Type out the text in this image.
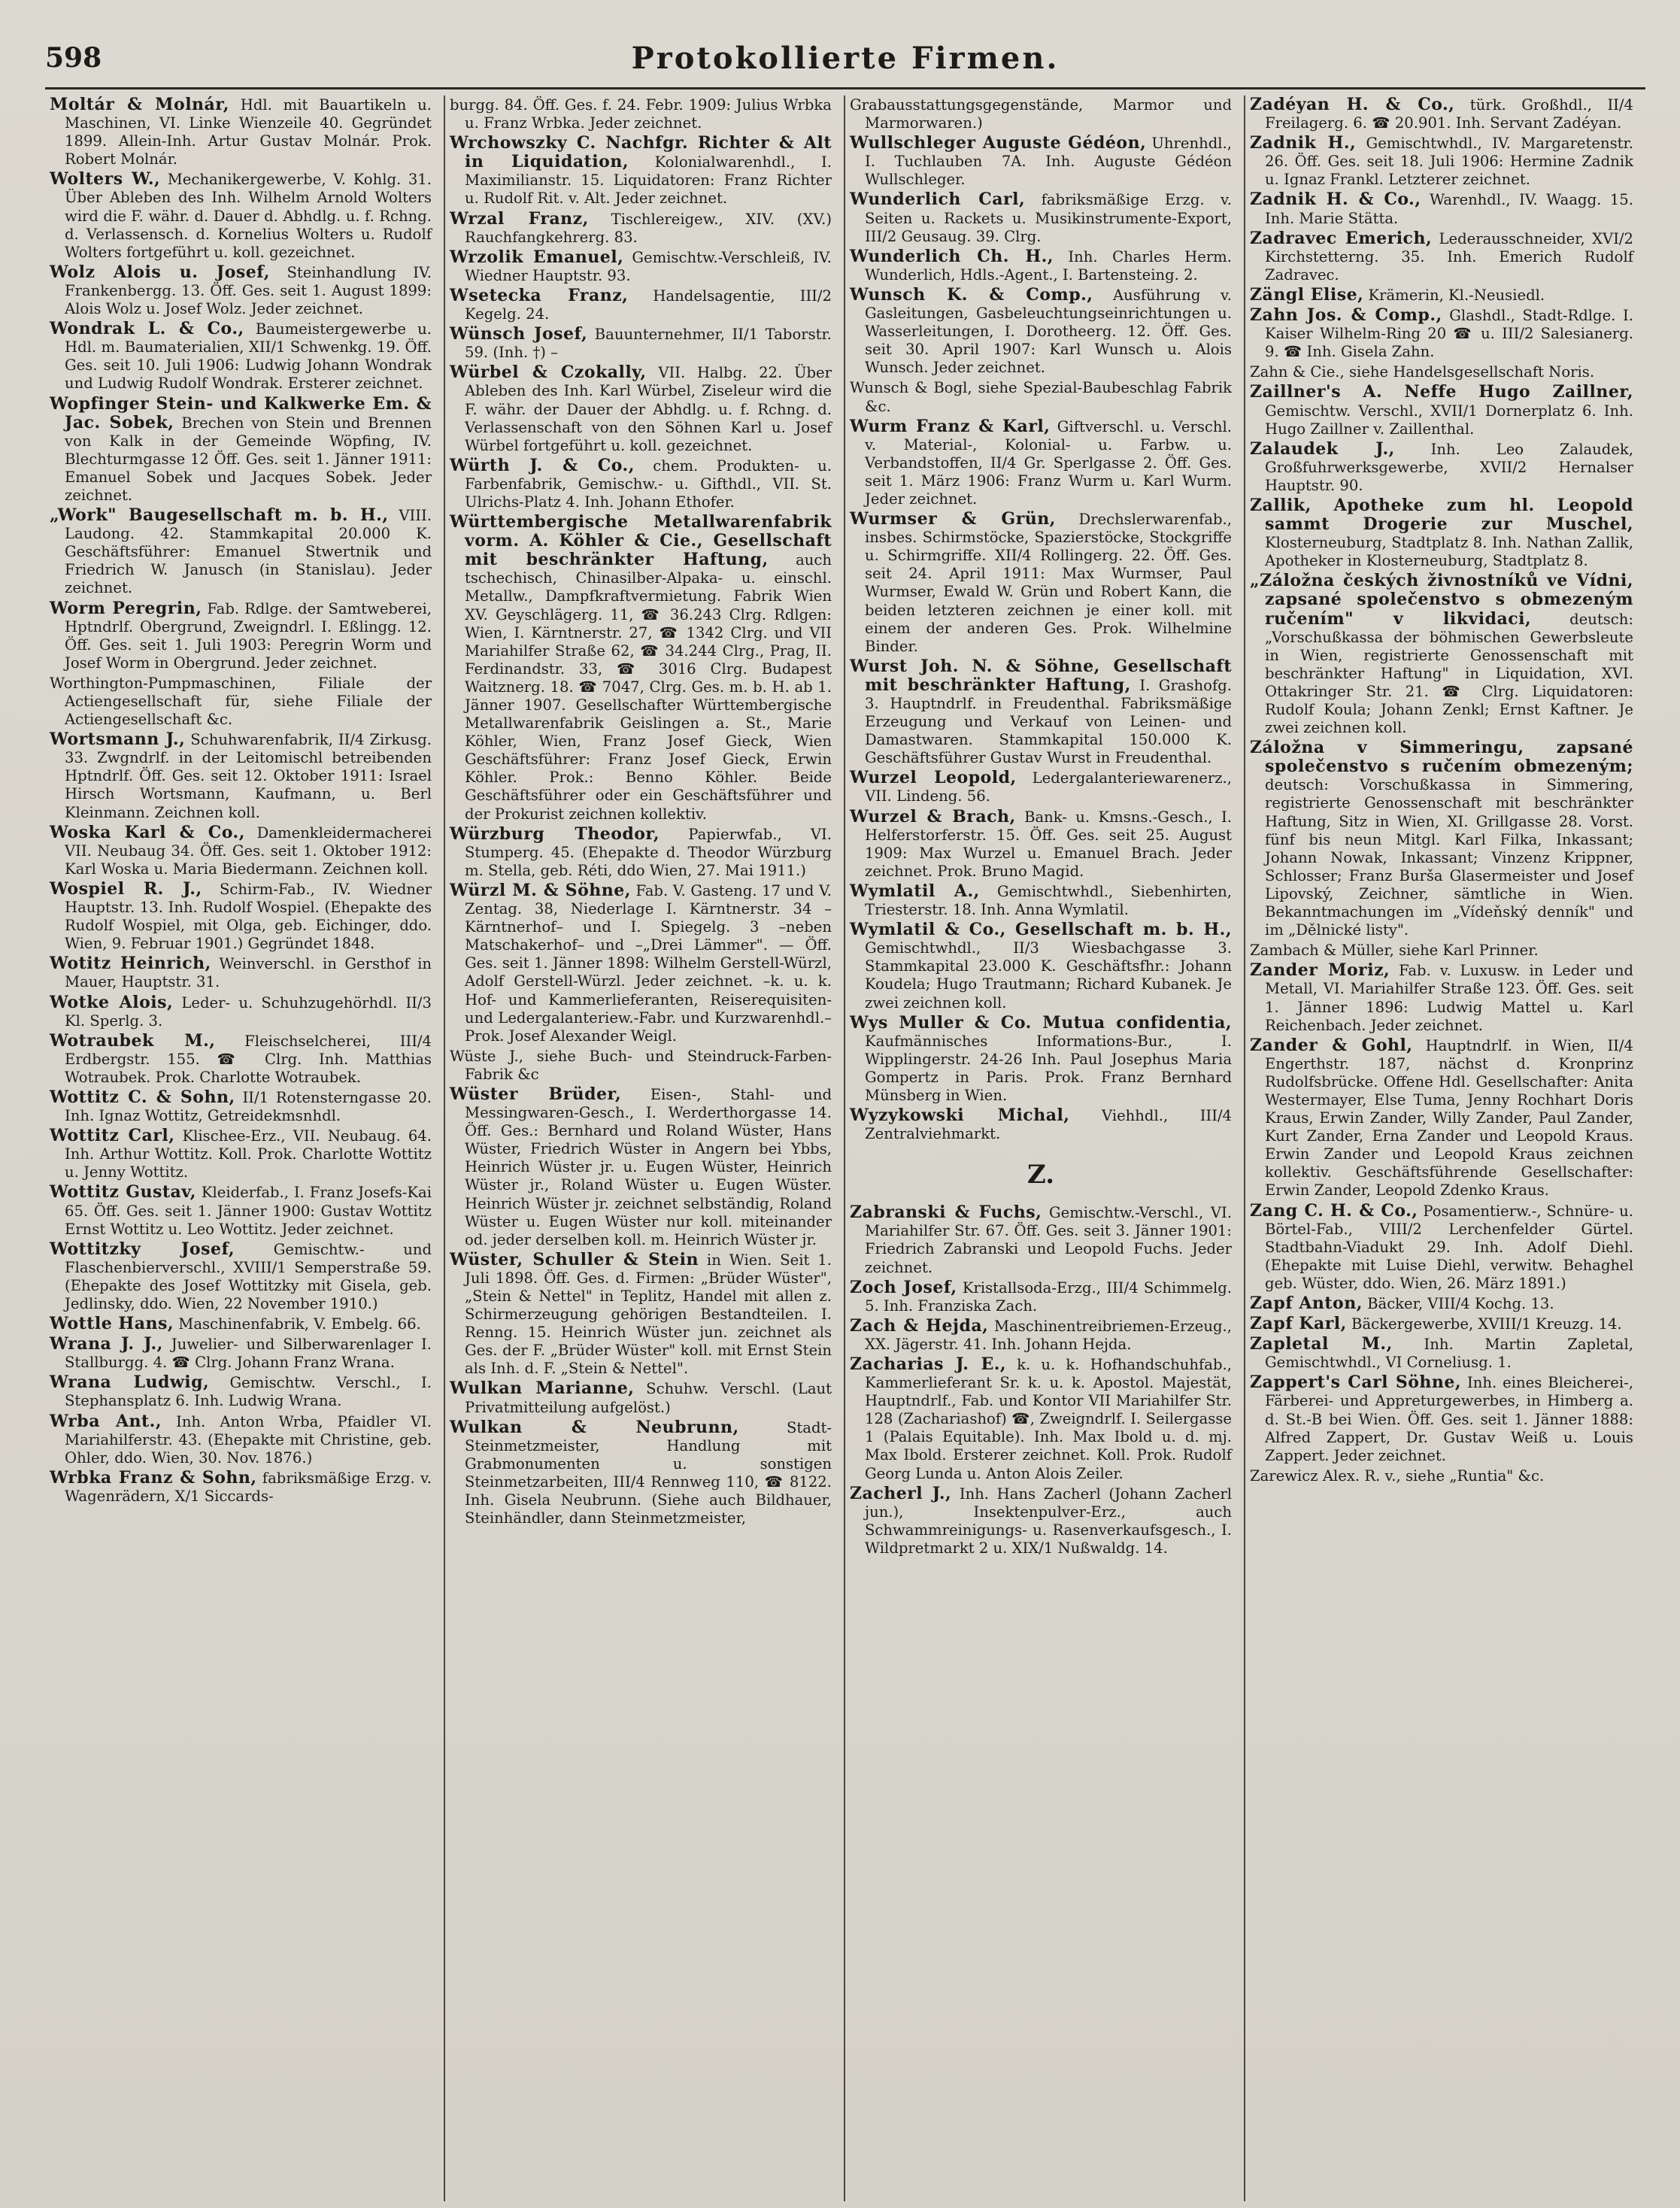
598	Protokollierte Firmen.

Moltár & Molnár, Hdl. mit Bauartikeln u. Maschinen, VI. Linke Wienzeile 40. Gegründet 1899. Allein-Inh. Artur Gustav Molnár. Prok. Robert Molnár.

Wolters W., Mechanikergewerbe, V. Kohlg. 31. Über Ableben des Inh. Wilhelm Arnold Wolters wird die F. währ. d. Dauer d. Abhdlg. u. f. Rchng. d. Verlassensch. d. Kornelius Wolters u. Rudolf Wolters fortgeführt u. koll. gezeichnet.

Wolz Alois u. Josef, Steinhandlung IV. Frankenbergg. 13. Öff. Ges. seit 1. August 1899: Alois Wolz u. Josef Wolz. Jeder zeichnet.

Wondrak L. & Co., Baumeistergewerbe u. Hdl. m. Baumaterialien, XII/1 Schwenkg. 19. Öff. Ges. seit 10. Juli 1906: Ludwig Johann Wondrak und Ludwig Rudolf Wondrak. Ersterer zeichnet.

Wopfinger Stein- und Kalkwerke Em. & Jac. Sobek, Brechen von Stein und Brennen von Kalk in der Gemeinde Wöpfing, IV. Blechturmgasse 12 Öff. Ges. seit 1. Jänner 1911: Emanuel Sobek und Jacques Sobek. Jeder zeichnet.

„Work" Baugesellschaft m. b. H., VIII. Laudong. 42. Stammkapital 20.000 K. Geschäftsführer: Emanuel Stwertnik und Friedrich W. Janusch (in Stanislau). Jeder zeichnet.

Worm Peregrin, Fab. Rdlge. der Samtweberei, Hptndrlf. Obergrund, Zweigndrl. I. Eßlingg. 12. Öff. Ges. seit 1. Juli 1903: Peregrin Worm und Josef Worm in Obergrund. Jeder zeichnet.

Worthington-Pumpmaschinen, Filiale der Actiengesellschaft für, siehe Filiale der Actiengesellschaft &c.

Wortsmann J., Schuhwarenfabrik, II/4 Zirkusg. 33. Zwgndrlf. in der Leitomischl betreibenden Hptndrlf. Öff. Ges. seit 12. Oktober 1911: Israel Hirsch Wortsmann, Kaufmann, u. Berl Kleinmann. Zeichnen koll.

Woska Karl & Co., Damenkleidermacherei VII. Neubaug 34. Öff. Ges. seit 1. Oktober 1912: Karl Woska u. Maria Biedermann. Zeichnen koll.

Wospiel R. J., Schirm-Fab., IV. Wiedner Hauptstr. 13. Inh. Rudolf Wospiel. (Ehepakte des Rudolf Wospiel, mit Olga, geb. Eichinger, ddo. Wien, 9. Februar 1901.) Gegründet 1848.

Wotitz Heinrich, Weinverschl. in Gersthof in Mauer, Hauptstr. 31.

Wotke Alois, Leder- u. Schuhzugehörhdl. II/3 Kl. Sperlg. 3.

Wotraubek M., Fleischselcherei, III/4 Erdbergstr. 155. ☎ Clrg. Inh. Matthias Wotraubek. Prok. Charlotte Wotraubek.

Wottitz C. & Sohn, II/1 Rotensterngasse 20. Inh. Ignaz Wottitz, Getreidekmsnhdl.

Wottitz Carl, Klischee-Erz., VII. Neubaug. 64. Inh. Arthur Wottitz. Koll. Prok. Charlotte Wottitz u. Jenny Wottitz.

Wottitz Gustav, Kleiderfab., I. Franz Josefs-Kai 65. Öff. Ges. seit 1. Jänner 1900: Gustav Wottitz Ernst Wottitz u. Leo Wottitz. Jeder zeichnet.

Wottitzky Josef,	Gemischtw.- und Flaschenbierverschl., XVIII/1 Semperstraße 59. (Ehepakte des Josef Wottitzky mit Gisela, geb. Jedlinsky, ddo. Wien, 22 November 1910.)

Wottle Hans, Maschinenfabrik, V. Embelg. 66.

Wrana J. J., Juwelier- und Silberwarenlager I. Stallburgg. 4. ☎ Clrg. Johann Franz Wrana.

Wrana Ludwig, Gemischtw. Verschl., I. Stephansplatz 6. Inh. Ludwig Wrana.

Wrba Ant., Inh. Anton Wrba, Pfaidler VI. Mariahilferstr. 43. (Ehepakte mit Christine, geb. Ohler, ddo. Wien, 30. Nov. 1876.)

Wrbka Franz & Sohn, fabriksmäßige Erzg. v. Wagenrädern, X/1 Siccards-

burgg. 84. Öff. Ges. f. 24. Febr. 1909: Julius Wrbka u. Franz Wrbka. Jeder zeichnet.

Wrchowszky C. Nachfgr. Richter & Alt in Liquidation, Kolonialwarenhdl., I. Maximilianstr. 15. Liquidatoren: Franz Richter u. Rudolf Rit. v. Alt. Jeder zeichnet.

Wrzal Franz, Tischlereigew., XIV. (XV.) Rauchfangkehrerg. 83.

Wrzolik Emanuel, Gemischtw.-Verschleiß, IV. Wiedner Hauptstr. 93.

Wsetecka Franz, Handelsagentie, III/2 Kegelg. 24.

Wünsch Josef, Bauunternehmer, II/1 Taborstr. 59. (Inh. †) –

Würbel & Czokally, VII. Halbg. 22. Über Ableben des Inh. Karl Würbel, Ziseleur wird die F. währ. der Dauer der Abhdlg. u. f. Rchng. d. Verlassenschaft von den Söhnen Karl u. Josef Würbel fortgeführt u. koll. gezeichnet.

Würth J. & Co., chem. Produkten- u. Farbenfabrik, Gemischw.- u. Gifthdl., VII. St. Ulrichs-Platz 4. Inh. Johann Ethofer.

Württembergische Metallwarenfabrik vorm. A. Köhler & Cie., Gesellschaft mit beschränkter Haftung, auch tschechisch, Chinasilber-Alpaka- u. einschl. Metallw., Dampfkraftvermietung. Fabrik Wien XV. Geyschlägerg. 11, ☎ 36.243 Clrg. Rdlgen: Wien, I. Kärntnerstr. 27, ☎ 1342 Clrg. und VII Mariahilfer Straße 62, ☎ 34.244 Clrg., Prag, II. Ferdinandstr. 33, ☎ 3016 Clrg. Budapest Waitznerg. 18. ☎ 7047, Clrg. Ges. m. b. H. ab 1. Jänner 1907. Gesellschafter Württembergische Metallwarenfabrik Geislingen a. St., Marie Köhler, Wien, Franz Josef Gieck, Wien Geschäftsführer: Franz Josef Gieck, Erwin Köhler. Prok.: Benno Köhler. Beide Geschäftsführer oder ein Geschäftsführer und der Prokurist zeichnen kollektiv.

Würzburg Theodor, Papierwfab., VI. Stumperg. 45. (Ehepakte d. Theodor Würzburg m. Stella, geb. Réti, ddo Wien, 27. Mai 1911.)

Würzl M. & Söhne, Fab. V. Gasteng. 17 und V. Zentag. 38, Niederlage I. Kärntnerstr. 34 –Kärntnerhof– und I. Spiegelg. 3 –neben Matschakerhof– und –„Drei Lämmer". — Öff. Ges. seit 1. Jänner 1898: Wilhelm Gerstell-Würzl, Adolf Gerstell-Würzl. Jeder zeichnet. –k. u. k. Hof- und Kammerlieferanten, Reiserequisiten- und Ledergalanteriew.-Fabr. und Kurzwarenhdl.– Prok. Josef Alexander Weigl.

Wüste J., siehe Buch- und Steindruck-Farben-Fabrik &c

Wüster Brüder, Eisen-, Stahl- und Messingwaren-Gesch., I. Werderthorgasse 14. Öff. Ges.: Bernhard und Roland Wüster, Hans Wüster, Friedrich Wüster in Angern bei Ybbs, Heinrich Wüster jr. u. Eugen Wüster, Heinrich Wüster jr., Roland Wüster u. Eugen Wüster. Heinrich Wüster jr. zeichnet selbständig, Roland Wüster u. Eugen Wüster nur koll. miteinander od. jeder derselben koll. m. Heinrich Wüster jr.

Wüster, Schuller & Stein in Wien. Seit 1. Juli 1898. Öff. Ges. d. Firmen: „Brüder Wüster", „Stein & Nettel" in Teplitz, Handel mit allen z. Schirmerzeugung gehörigen Bestandteilen. I. Renng. 15. Heinrich Wüster jun. zeichnet als Ges. der F. „Brüder Wüster" koll. mit Ernst Stein als Inh. d. F. „Stein & Nettel".

Wulkan Marianne, Schuhw. Verschl. (Laut Privatmitteilung aufgelöst.)

Wulkan & Neubrunn,	Stadt-Steinmetzmeister, Handlung mit Grabmonumenten u. sonstigen Steinmetzarbeiten, III/4 Rennweg 110, ☎ 8122. Inh. Gisela Neubrunn. (Siehe auch Bildhauer, Steinhändler, dann Steinmetzmeister,

Grabausstattungsgegenstände, Marmor und Marmorwaren.)

Wullschleger Auguste Gédéon, Uhrenhdl., I. Tuchlauben 7A. Inh. Auguste Gédéon Wullschleger.

Wunderlich Carl, fabriksmäßige Erzg. v. Seiten u. Rackets u. Musikinstrumente-Export, III/2 Geusaug. 39. Clrg.

Wunderlich Ch. H., Inh. Charles Herm. Wunderlich, Hdls.-Agent., I. Bartensteing. 2.

Wunsch K. & Comp., Ausführung v. Gasleitungen, Gasbeleuchtungseinrichtungen u. Wasserleitungen, I. Dorotheerg. 12. Öff. Ges. seit 30. April 1907: Karl Wunsch u. Alois Wunsch. Jeder zeichnet.

Wunsch & Bogl, siehe Spezial-Baubeschlag Fabrik &c.

Wurm Franz & Karl, Giftverschl. u. Verschl. v. Material-, Kolonial- u. Farbw. u. Verbandstoffen, II/4 Gr. Sperlgasse 2. Öff. Ges. seit 1. März 1906: Franz Wurm u. Karl Wurm. Jeder zeichnet.

Wurmser & Grün, Drechslerwarenfab., insbes. Schirmstöcke, Spazierstöcke, Stockgriffe u. Schirmgriffe. XII/4 Rollingerg. 22. Öff. Ges. seit 24. April 1911: Max Wurmser, Paul Wurmser, Ewald W. Grün und Robert Kann, die beiden letzteren zeichnen je einer koll. mit einem der anderen Ges. Prok. Wilhelmine Binder.

Wurst Joh. N. & Söhne, Gesellschaft mit beschränkter Haftung, I. Grashofg. 3. Hauptndrlf. in Freudenthal. Fabriksmäßige Erzeugung und Verkauf von Leinen- und Damastwaren. Stammkapital 150.000 K. Geschäftsführer Gustav Wurst in Freudenthal.

Wurzel Leopold, Ledergalanteriewarenerz., VII. Lindeng. 56.

Wurzel & Brach, Bank- u. Kmsns.-Gesch., I. Helferstorferstr. 15. Öff. Ges. seit 25. August 1909: Max Wurzel u. Emanuel Brach. Jeder zeichnet. Prok. Bruno Magid.

Wymlatil A., Gemischtwhdl., Siebenhirten, Triesterstr. 18. Inh. Anna Wymlatil.

Wymlatil & Co., Gesellschaft m. b. H., Gemischtwhdl., II/3 Wiesbachgasse 3. Stammkapital 23.000 K. Geschäftsfhr.: Johann Koudela; Hugo Trautmann; Richard Kubanek. Je zwei zeichnen koll.

Wys Muller & Co. Mutua confidentia, Kaufmännisches Informations-Bur., I. Wipplingerstr. 24-26 Inh. Paul Josephus Maria Gompertz in Paris. Prok. Franz Bernhard Münsberg in Wien.

Wyzykowski Michal, Viehhdl., III/4 Zentralviehmarkt.

Z.

Zabranski & Fuchs, Gemischtw.-Verschl., VI. Mariahilfer Str. 67. Öff. Ges. seit 3. Jänner 1901: Friedrich Zabranski und Leopold Fuchs. Jeder zeichnet.

Zoch Josef, Kristallsoda-Erzg., III/4 Schimmelg. 5. Inh. Franziska Zach.

Zach & Hejda, Maschinentreibriemen-Erzeug., XX. Jägerstr. 41. Inh. Johann Hejda.

Zacharias J. E., k. u. k. Hofhandschuhfab., Kammerlieferant Sr. k. u. k. Apostol. Majestät, Hauptndrlf., Fab. und Kontor VII Mariahilfer Str. 128 (Zachariashof) ☎, Zweigndrlf. I. Seilergasse 1 (Palais Equitable). Inh. Max Ibold u. d. mj. Max Ibold. Ersterer zeichnet. Koll. Prok. Rudolf Georg Lunda u. Anton Alois Zeiler.

Zacherl J., Inh. Hans Zacherl (Johann Zacherl jun.), Insektenpulver-Erz., auch Schwammreinigungs- u. Rasenverkaufsgesch., I. Wildpretmarkt 2 u. XIX/1 Nußwaldg. 14.

Zadéyan H. & Co., türk. Großhdl., II/4 Freilagerg. 6. ☎ 20.901. Inh. Servant Zadéyan.

Zadnik H., Gemischtwhdl., IV. Margaretenstr. 26. Öff. Ges. seit 18. Juli 1906: Hermine Zadnik u. Ignaz Frankl. Letzterer zeichnet.

Zadnik H. & Co., Warenhdl., IV. Waagg. 15. Inh. Marie Stätta.

Zadravec Emerich, Lederausschneider, XVI/2 Kirchstetterng. 35. Inh. Emerich Rudolf Zadravec.

Zängl Elise, Krämerin, Kl.-Neusiedl.

Zahn Jos. & Comp., Glashdl., Stadt-Rdlge. I. Kaiser Wilhelm-Ring 20 ☎ u. III/2 Salesianerg. 9. ☎ Inh. Gisela Zahn.

Zahn & Cie., siehe Handelsgesellschaft Noris.

Zaillner's A. Neffe Hugo Zaillner, Gemischtw. Verschl., XVII/1 Dornerplatz 6. Inh. Hugo Zaillner v. Zaillenthal.

Zalaudek J., Inh. Leo Zalaudek, Großfuhrwerksgewerbe, XVII/2 Hernalser Hauptstr. 90.

Zallik, Apotheke zum hl. Leopold sammt Drogerie zur Muschel, Klosterneuburg, Stadtplatz 8. Inh. Nathan Zallik, Apotheker in Klosterneuburg, Stadtplatz 8.

„Záložna českých živnostníků ve Vídni, zapsané společenstvo s obmezeným ručením" v likvidaci,	deutsch: „Vorschußkassa der böhmischen Gewerbsleute in Wien, registrierte Genossenschaft mit beschränkter Haftung" in Liquidation, XVI. Ottakringer Str. 21. ☎ Clrg. Liquidatoren: Rudolf Koula; Johann Zenkl; Ernst Kaftner. Je zwei zeichnen koll.

Záložna v Simmeringu, zapsané společenstvo s ručením obmezeným; deutsch: Vorschußkassa in Simmering, registrierte Genossenschaft mit beschränkter Haftung, Sitz in Wien, XI. Grillgasse 28. Vorst. fünf bis neun Mitgl. Karl Filka, Inkassant; Johann Nowak, Inkassant; Vinzenz Krippner, Schlosser; Franz Burša Glasermeister und Josef Lipovský, Zeichner, sämtliche in Wien. Bekanntmachungen im „Vídeňský denník" und im „Dělnické listy".

Zambach & Müller, siehe Karl Prinner.

Zander Moriz, Fab. v. Luxusw. in Leder und Metall, VI. Mariahilfer Straße 123. Öff. Ges. seit 1. Jänner 1896: Ludwig Mattel u. Karl Reichenbach. Jeder zeichnet.

Zander & Gohl, Hauptndrlf. in Wien, II/4 Engerthstr. 187, nächst d. Kronprinz Rudolfsbrücke. Offene Hdl. Gesellschafter: Anita Westermayer, Else Tuma, Jenny Rochhart Doris Kraus, Erwin Zander, Willy Zander, Paul Zander, Kurt Zander, Erna Zander und Leopold Kraus. Erwin Zander und Leopold Kraus zeichnen kollektiv. Geschäftsführende Gesellschafter: Erwin Zander, Leopold Zdenko Kraus.

Zang C. H. & Co., Posamentierw.-, Schnüre- u. Börtel-Fab., VIII/2 Lerchenfelder Gürtel. Stadtbahn-Viadukt 29. Inh. Adolf Diehl. (Ehepakte mit Luise Diehl, verwitw. Behaghel geb. Wüster, ddo. Wien, 26. März 1891.)

Zapf Anton, Bäcker, VIII/4 Kochg. 13.

Zapf Karl, Bäckergewerbe, XVIII/1 Kreuzg. 14.

Zapletal M., Inh. Martin Zapletal, Gemischtwhdl., VI Corneliusg. 1.

Zappert's Carl Söhne, Inh. eines Bleicherei-, Färberei- und Appreturgewerbes, in Himberg a. d. St.-B bei Wien. Öff. Ges. seit 1. Jänner 1888: Alfred Zappert, Dr. Gustav Weiß u. Louis Zappert. Jeder zeichnet.

Zarewicz Alex. R. v., siehe „Runtia" &c.
